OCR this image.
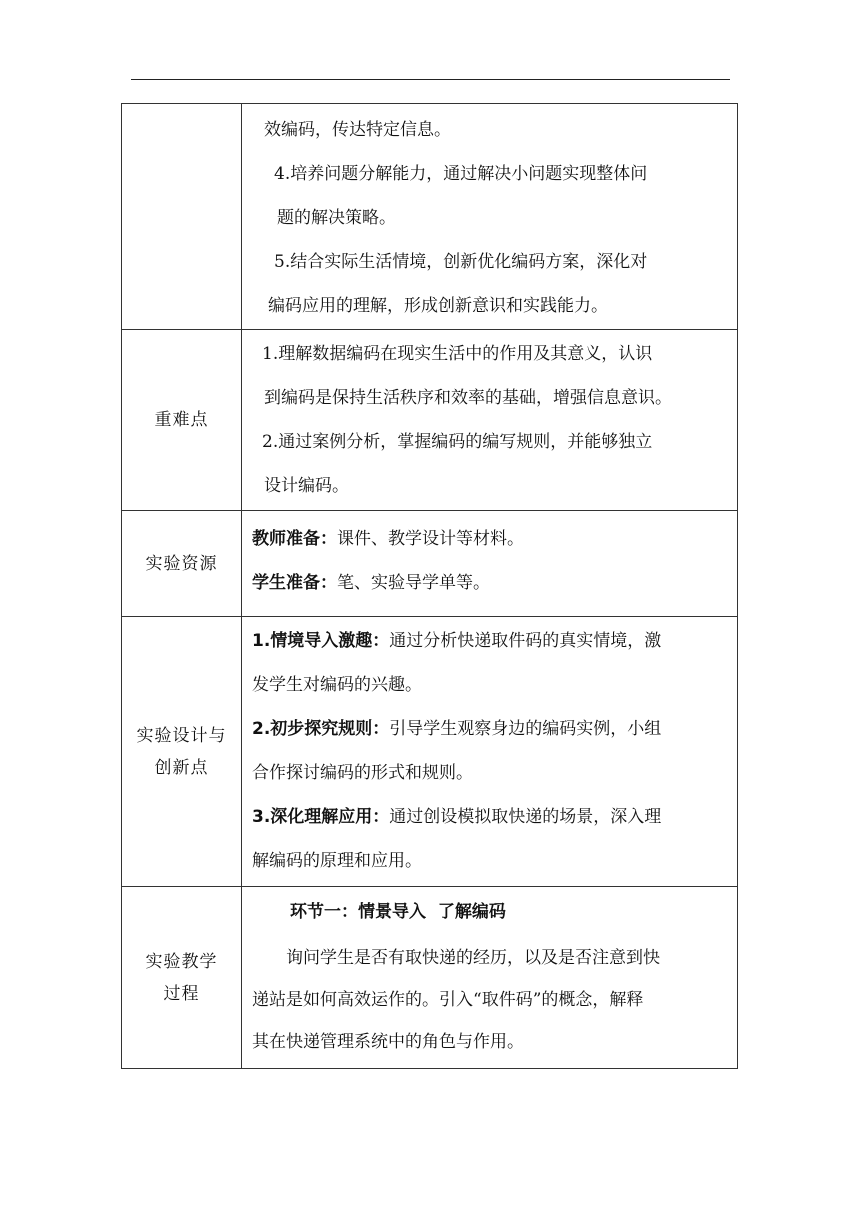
效编码，传达特定信息。

4.培养问题分解能力，通过解决小问题实现整体问

题的解决策略。

5.结合实际生活情境，创新优化编码方案，深化对

编码应用的理解，形成创新意识和实践能力。

重难点

1.理解数据编码在现实生活中的作用及其意义，认识

到编码是保持生活秩序和效率的基础，增强信息意识。

2.通过案例分析，掌握编码的编写规则，并能够独立

设计编码。

实验资源

教师准备：课件、教学设计等材料。

学生准备：笔、实验导学单等。

实验设计与
创新点

1.情境导入激趣：通过分析快递取件码的真实情境，激

发学生对编码的兴趣。

2.初步探究规则：引导学生观察身边的编码实例，小组

合作探讨编码的形式和规则。

3.深化理解应用：通过创设模拟取快递的场景，深入理

解编码的原理和应用。

实验教学
过程

环节一：情景导入  了解编码

询问学生是否有取快递的经历，以及是否注意到快

递站是如何高效运作的。引入“取件码”的概念，解释

其在快递管理系统中的角色与作用。
